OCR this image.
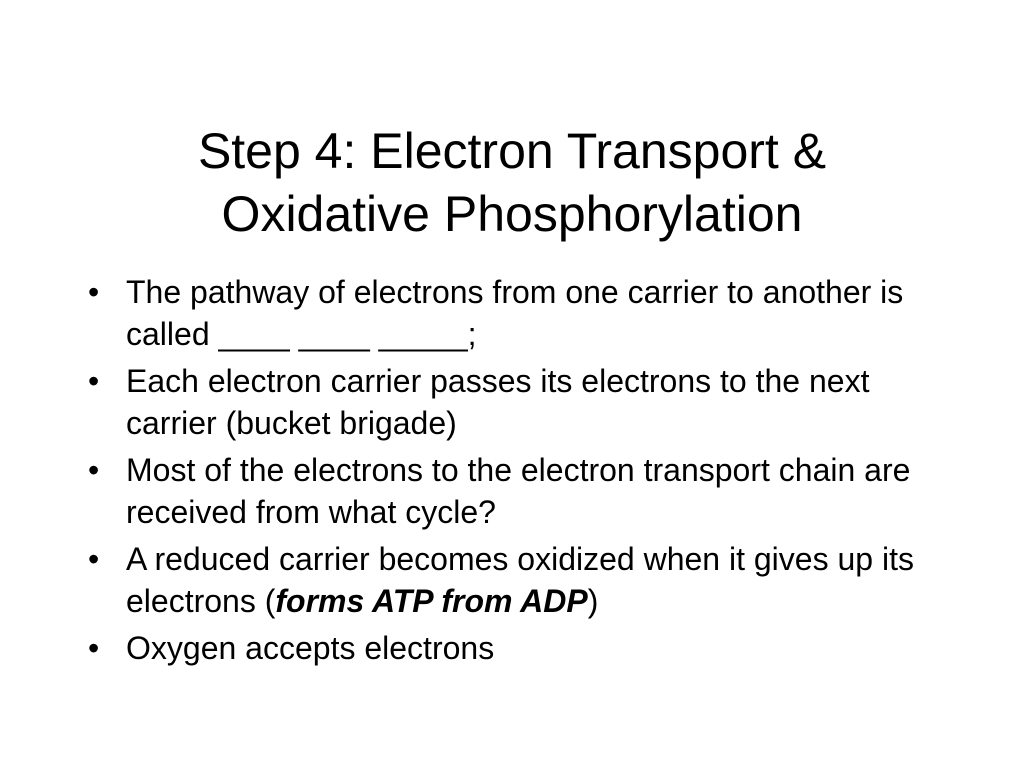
Step 4: Electron Transport &
Oxidative Phosphorylation
• The pathway of electrons from one carrier to another is called ____ ____ _____;
• Each electron carrier passes its electrons to the next carrier (bucket brigade)
• Most of the electrons to the electron transport chain are received from what cycle?
• A reduced carrier becomes oxidized when it gives up its electrons (forms ATP from ADP)
• Oxygen accepts electrons
